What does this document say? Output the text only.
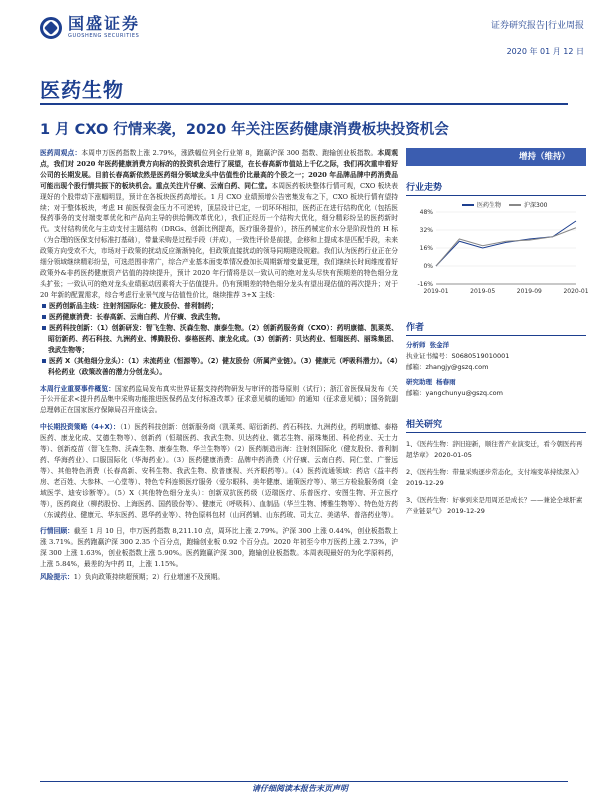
国盛证券
GUOSHENG SECURITIES
证券研究报告|行业周报
2020 年 01 月 12 日
医药生物
1 月 CXO 行情来袭，2020 年关注医药健康消费板块投资机会

医药周观点：本周申万医药指数上涨 2.79%，涨跌幅位列全行业第 8，跑赢沪深 300 指数、跑输创业板指数。本周观点，我们对 2020 年医药健康消费方向标的的投资机会进行了展望，在长春高新市值站上千亿之际，我们再次重申看好公司的长期发展。目前长春高新依然是医药细分领域龙头中估值性价比最高的个股之一；2020 年品牌品牌中药消费品可能出现个股行情共振下的板块机会。重点关注片仔癀、云南白药、同仁堂。本周医药板块整体行情可观，CXO 板块表现好的个股带动下涨幅明显，预计在各板块医药高增长。1 月 CXO 业绩预增公告密集发布之下，CXO 板块行情有望持续；对于整体板块，考虑 H 前医保资金压力不可逆转，顶层设计已定，一切环环相扣，医药正在进行结构优化（包括医保药事务的支付端变革优化和产品向主导的供给侧改革优化），我们正经历一个结构大优化，细分精彩纷呈的医药新时代。支付结构优化与主动支付主题结构（DRGs、创新比例提高，医疗服务提价），挤压药械定价水分是阶段性的 H 标（为合理的医保支付标准打基础），带量采购是过程手段（并成），一致性评价是前提，企移和上提成本是匹配手段，未来政策方向受欢不大，市场对于政策的扰动反应渐渐钝化，但政策直接扰动的领导同期建设规避。我们认为医药行业正在分细分领域继续精彩纷呈，可选范围非常广，综合产业基本面变革情况叠加长周期新增变量更理，我们继续长时间维度看好政策外&非药医药健康资产估值的持续提升，预计 2020 年行情将是以一致认可的绝对龙头尽快有预期差的特色细分龙头扩张；一致认可的绝对龙头业绩驱动因素将大于估值提升。仍有预期差的特色细分龙头有望出现估值的再次提升；对于 20 年新的配置需求，综合考虑行业景气度与估值性价比，继续推荐 3+X 主线：

医药创新品主线：注射剂国际化：健友股份、普利制药；
医药健康消费：长春高新、云南白药、片仔癀、我武生物。
医药科技创新：（1）创新研发：智飞生物、沃森生物、康泰生物。（2）创新药服务商（CXO）：药明康德、凯莱英、昭衍新药、药石科技、九洲药业、博腾股份、泰格医药、康龙化成。（3）创新药：贝达药业、恒瑞医药、丽珠集团、我武生物等；
医药 X（其他细分龙头）：（1）未流药业（恒源等）。（2）健友股份（所属产业链）。（3）健康元（呼吸科潜力）。（4）科伦药业（政策改善的潜力分创龙头）。

本周行业重要事件概览：国家药监局发布真实世界证据支持药物研发与审评的指导原则（试行）；浙江省医保局发布《关于公开征求<提升药品集中采购功能推进医保药品支付标准改革》征求意见稿的通知》的通知（征求意见稿）；国务院副总理韩正在国家医疗保障局召开座谈会。

中长期投资策略（4+X）：（1）医药科技创新：创新服务商（凯莱英、昭衍新药、药石科技、九洲药业，药明康德、泰格医药、康龙化成、艾德生物等）、创新药（恒瑞医药、我武生物、贝达药业、微芯生物、丽珠集团、科伦药业、天士力等）、创新疫苗（智飞生物、沃森生物、康泰生物、华兰生物等）（2）医药制造出海：注射剂国际化（健友股份、普利制药、华海药业）、口服国际化（华海药业）。（3）医药健康消费：品牌中药消费（片仔癀、云南白药、同仁堂、广誉远等）、其他特色消费（长春高新、安科生物、我武生物、欧普康视、兴齐眼药等）。（4）医药流通领域：药店（益丰药房、老百姓、大参林、一心堂等）、特色专科连锁医疗服务（爱尔眼科、美年健康、通策医疗等）、第三方检验服务商（金域医学、迪安诊断等）。（5）X（其他特色细分龙头）：创新双抗医药级（迈瑞医疗、乐普医疗、安图生物、开立医疗等），医药商业（柳药股份、上海医药、国药股份等）、健康元（呼吸科）、血制品（华兰生物、博雅生物等）、特色处方药（东诚药业、健康元、华东医药、恩华药业等）、特色原料包材（山河药辅、山东药玻、司太立、美诺华、普洛药业等）。

行情回顾：截至 1 月 10 日，申万医药指数 8,211.10 点，周环比上涨 2.79%。沪深 300 上涨 0.44%，创业板指数上涨 3.71%。医药跑赢沪深 300 2.35 个百分点，跑输创业板 0.92 个百分点。2020 年初至今申万医药上涨 2.73%，沪深 300 上涨 1.63%，创业板指数上涨 5.90%。医药跑赢沪深 300，跑输创业板指数。本周表现最好的为化学原料药，上涨 5.84%，最差的为中药 II，上涨 1.15%。

风险提示：1）负向政策持续超预期；2）行业增速不及预期。

增持（维持）
行业走势
医药生物	沪深300
48%
32%
16%
0%
-16%
2019-01	2019-05	2019-09	2020-01
作者
分析师 张金洋
执业证书编号：S0680519010001
邮箱：zhangjy@gszq.com
研究助理 杨春雨
邮箱：yangchunyu@gszq.com
相关研究
1、《医药生物：辞旧迎新，顺往普产业演变迁，看今朝医药再超华章》 2020-01-05
2、《医药生物：带量采购逐步常态化，支付端变革持续深入》 2019-12-29
3、《医药生物：好事到来是用周还是成长？——兼论全球肝素产业链景气》 2019-12-29
请仔细阅读本报告末页声明
